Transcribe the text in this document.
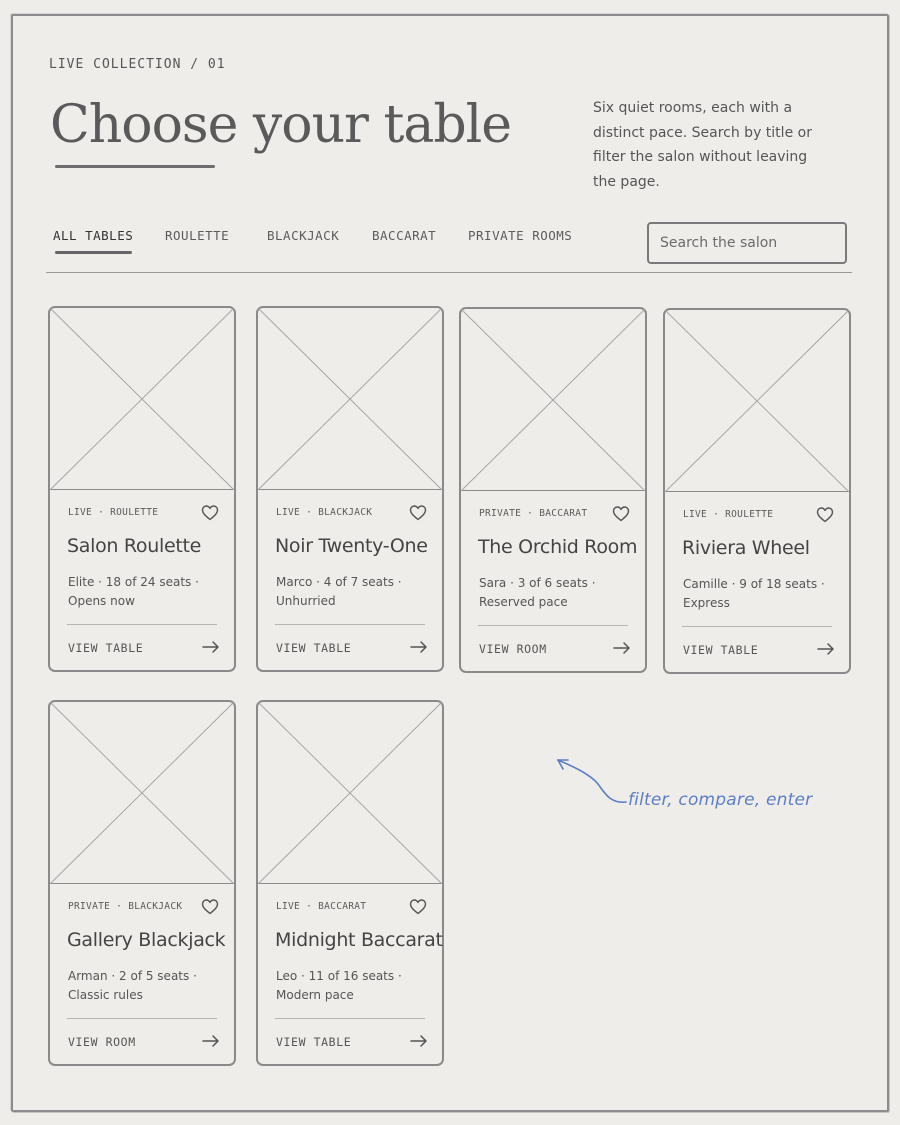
LIVE COLLECTION / 01
Choose your table	Six quiet rooms, each with a distinct pace. Search by title or filter the salon without leaving the page.

ALL TABLES	ROULETTE	BLACKJACK	BACCARAT	PRIVATE ROOMS
Search the salon
LIVE · ROULETTE
Salon Roulette
Elite · 18 of 24 seats · Opens now
VIEW TABLE
LIVE · BLACKJACK
Noir Twenty-One
Marco · 4 of 7 seats · Unhurried
VIEW TABLE
PRIVATE · BACCARAT
The Orchid Room
Sara · 3 of 6 seats · Reserved pace
VIEW ROOM
LIVE · ROULETTE
Riviera Wheel
Camille · 9 of 18 seats · Express
VIEW TABLE
PRIVATE · BLACKJACK
Gallery Blackjack
Arman · 2 of 5 seats · Classic rules
VIEW ROOM
LIVE · BACCARAT
Midnight Baccarat
Leo · 11 of 16 seats · Modern pace
VIEW TABLE
filter, compare, enter
